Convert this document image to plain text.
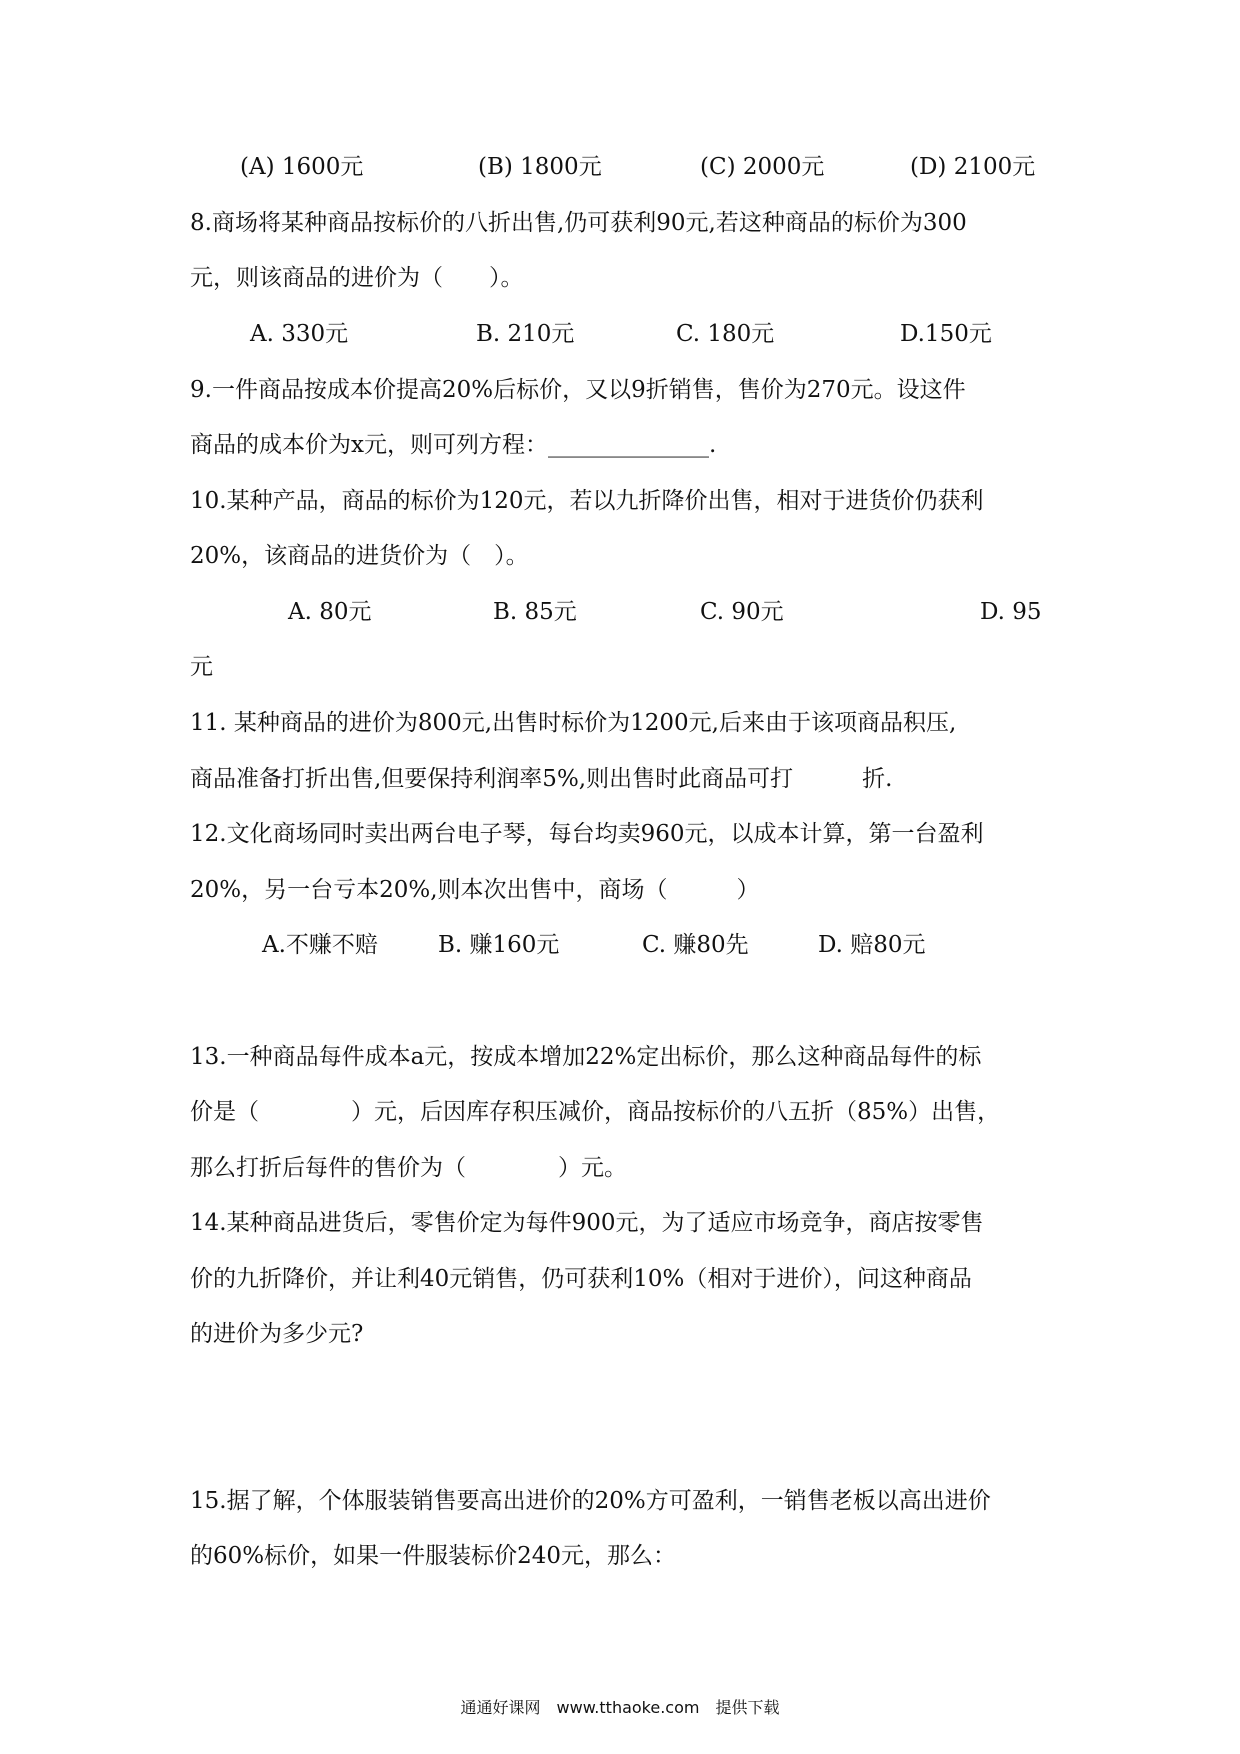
(A) 1600元	(B) 1800元	(C) 2000元	(D) 2100元
8.商场将某种商品按标价的八折出售,仍可获利90元,若这种商品的标价为300
元，则该商品的进价为（　　）。
A. 330元	B. 210元	C. 180元	D.150元
9.一件商品按成本价提高20%后标价，又以9折销售，售价为270元。设这件
商品的成本价为x元，则可列方程：______________.
10.某种产品，商品的标价为120元，若以九折降价出售，相对于进货价仍获利
20%，该商品的进货价为（　）。
A. 80元	B. 85元	C. 90元	D. 95
元
11. 某种商品的进价为800元,出售时标价为1200元,后来由于该项商品积压,
商品准备打折出售,但要保持利润率5%,则出售时此商品可打　　　折.
12.文化商场同时卖出两台电子琴，每台均卖960元，以成本计算，第一台盈利
20%，另一台亏本20%,则本次出售中，商场（　　　）
A.不赚不赔	B. 赚160元	C. 赚80先	D. 赔80元
13.一种商品每件成本a元，按成本增加22%定出标价，那么这种商品每件的标
价是（　　　　）元，后因库存积压减价，商品按标价的八五折（85%）出售，
那么打折后每件的售价为（　　　　）元。
14.某种商品进货后，零售价定为每件900元，为了适应市场竞争，商店按零售
价的九折降价，并让利40元销售，仍可获利10%（相对于进价），问这种商品
的进价为多少元?
15.据了解，个体服装销售要高出进价的20%方可盈利，一销售老板以高出进价
的60%标价，如果一件服装标价240元，那么：
通通好课网　www.tthaoke.com　提供下载
